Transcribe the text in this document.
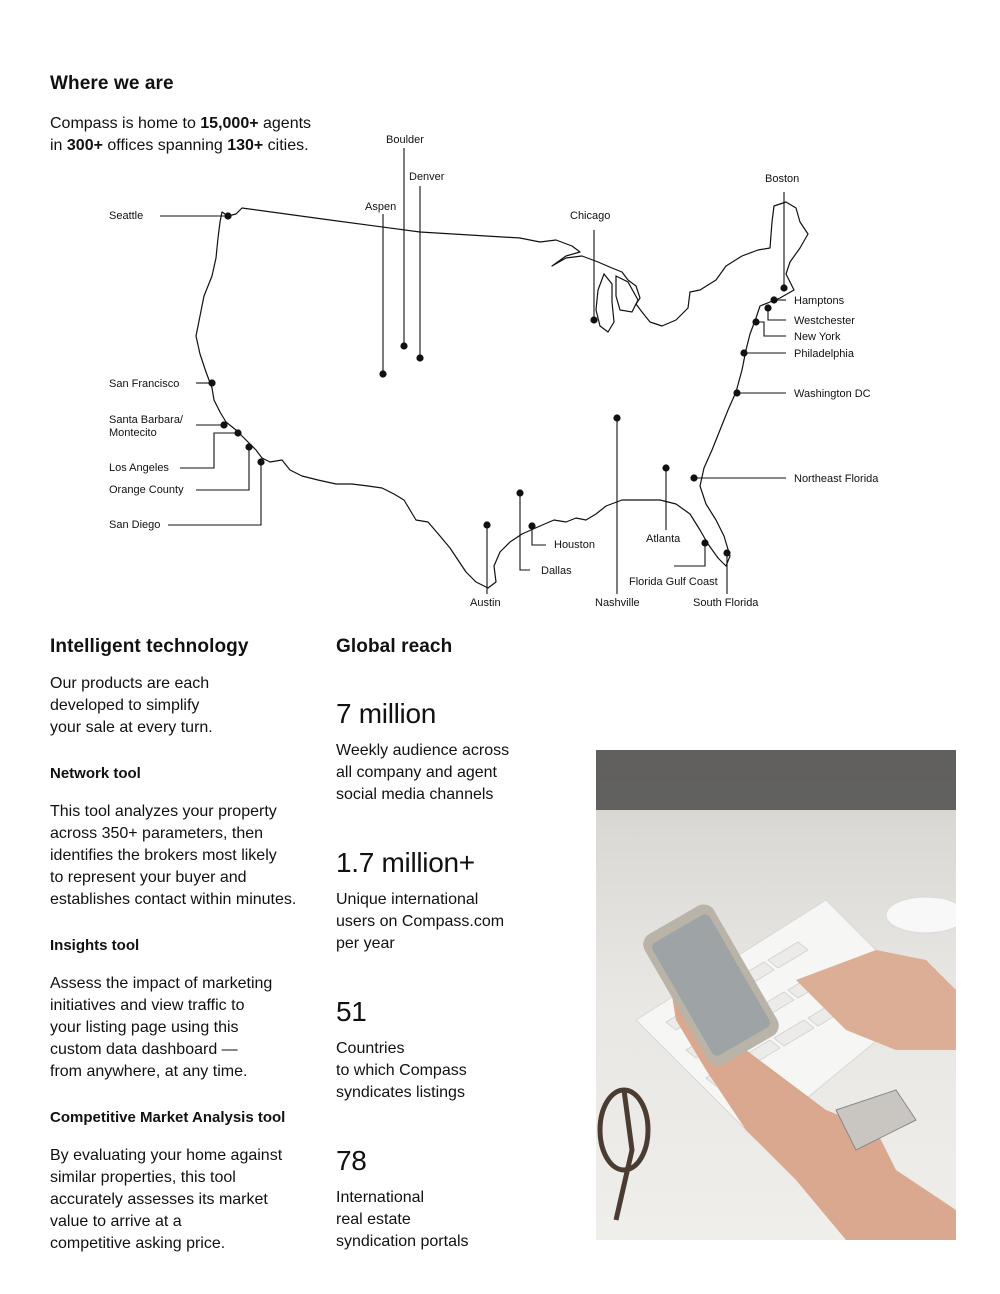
Where we are

Compass is home to 15,000+ agents
in 300+ offices spanning 130+ cities.	Boulder
Denver
Aspen
Seattle	Chicago
Boston
Hamptons
Westchester
New York
Philadelphia
Washington DC
San Francisco
Santa Barbara/
Montecito
Los Angeles
Orange County
San Diego
Northeast Florida
Houston
Dallas
Austin
Atlanta
Nashville
Florida Gulf Coast
South Florida
Intelligent technology

Our products are each

developed to simplify

your sale at every turn.

Network tool

This tool analyzes your property

across 350+ parameters, then

identifies the brokers most likely

to represent your buyer and

establishes contact within minutes.

Insights tool

Assess the impact of marketing

initiatives and view traffic to

your listing page using this

custom data dashboard —

from anywhere, at any time.

Competitive Market Analysis tool

By evaluating your home against

similar properties, this tool

accurately assesses its market

value to arrive at a

competitive asking price.

Global reach

7 million

Weekly audience across

all company and agent

social media channels

1.7 million+

Unique international

users on Compass.com

per year

51

Countries

to which Compass

syndicates listings

78

International

real estate

syndication portals
